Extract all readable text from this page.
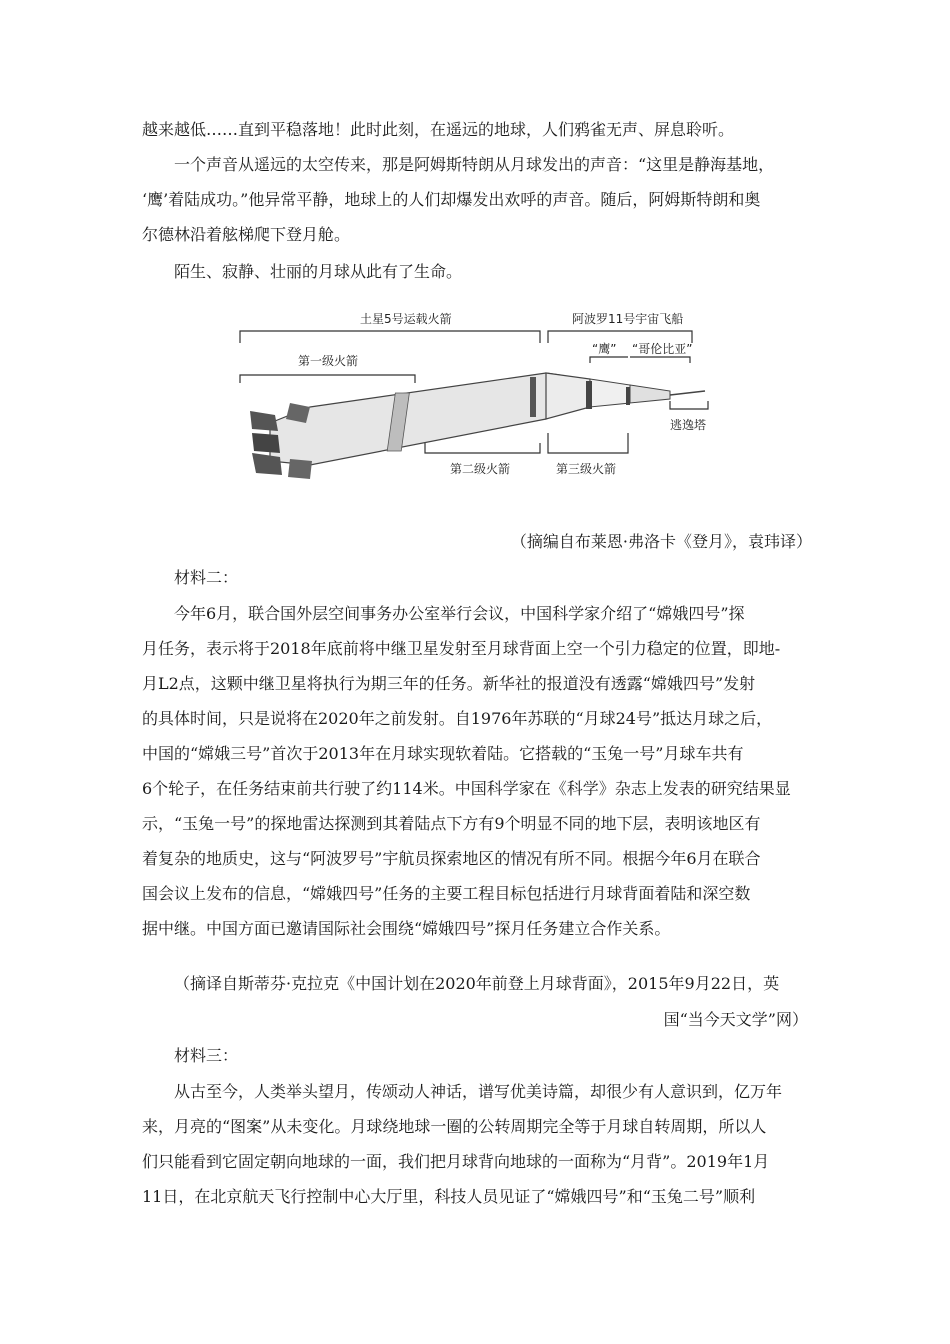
越来越低……直到平稳落地！此时此刻，在遥远的地球，人们鸦雀无声、屏息聆听。
一个声音从遥远的太空传来，那是阿姆斯特朗从月球发出的声音：“这里是静海基地，
‘鹰’着陆成功。”他异常平静，地球上的人们却爆发出欢呼的声音。随后，阿姆斯特朗和奥
尔德林沿着舷梯爬下登月舱。
陌生、寂静、壮丽的月球从此有了生命。
土星5号运载火箭	阿波罗11号宇宙飞船
第一级火箭
“鹰” “哥伦比亚”
第二级火箭	第三级火箭
逃逸塔
（摘编自布莱恩·弗洛卡《登月》，袁玮译）
材料二：
今年6月，联合国外层空间事务办公室举行会议，中国科学家介绍了“嫦娥四号”探
月任务，表示将于2018年底前将中继卫星发射至月球背面上空一个引力稳定的位置，即地-
月L2点，这颗中继卫星将执行为期三年的任务。新华社的报道没有透露“嫦娥四号”发射
的具体时间，只是说将在2020年之前发射。自1976年苏联的“月球24号”抵达月球之后，
中国的“嫦娥三号”首次于2013年在月球实现软着陆。它搭载的“玉兔一号”月球车共有
6个轮子，在任务结束前共行驶了约114米。中国科学家在《科学》杂志上发表的研究结果显
示，“玉兔一号”的探地雷达探测到其着陆点下方有9个明显不同的地下层，表明该地区有
着复杂的地质史，这与“阿波罗号”宇航员探索地区的情况有所不同。根据今年6月在联合
国会议上发布的信息，“嫦娥四号”任务的主要工程目标包括进行月球背面着陆和深空数
据中继。中国方面已邀请国际社会围绕“嫦娥四号”探月任务建立合作关系。
（摘译自斯蒂芬·克拉克《中国计划在2020年前登上月球背面》，2015年9月22日，英
国“当今天文学”网）
材料三：
从古至今，人类举头望月，传颂动人神话，谱写优美诗篇，却很少有人意识到，亿万年
来，月亮的“图案”从未变化。月球绕地球一圈的公转周期完全等于月球自转周期，所以人
们只能看到它固定朝向地球的一面，我们把月球背向地球的一面称为“月背”。2019年1月
11日，在北京航天飞行控制中心大厅里，科技人员见证了“嫦娥四号”和“玉兔二号”顺利
